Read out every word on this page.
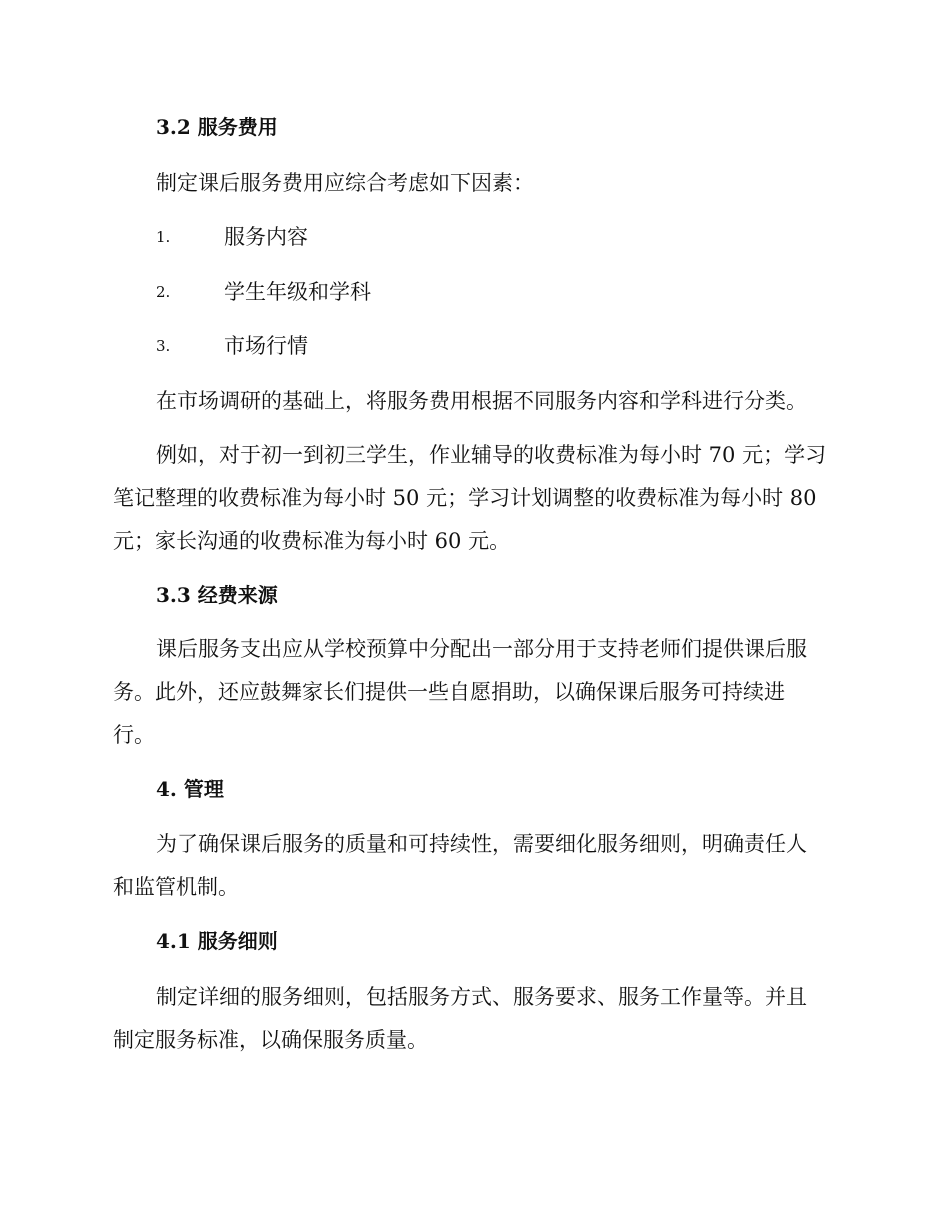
3.2 服务费用
制定课后服务费用应综合考虑如下因素：
1.	服务内容
2.	学生年级和学科
3.	市场行情
在市场调研的基础上，将服务费用根据不同服务内容和学科进行分类。
例如，对于初一到初三学生，作业辅导的收费标准为每小时 70 元；学习
笔记整理的收费标准为每小时 50 元；学习计划调整的收费标准为每小时 80
元；家长沟通的收费标准为每小时 60 元。
3.3 经费来源
课后服务支出应从学校预算中分配出一部分用于支持老师们提供课后服
务。此外，还应鼓舞家长们提供一些自愿捐助，以确保课后服务可持续进
行。
4. 管理
为了确保课后服务的质量和可持续性，需要细化服务细则，明确责任人
和监管机制。
4.1 服务细则
制定详细的服务细则，包括服务方式、服务要求、服务工作量等。并且
制定服务标准，以确保服务质量。
